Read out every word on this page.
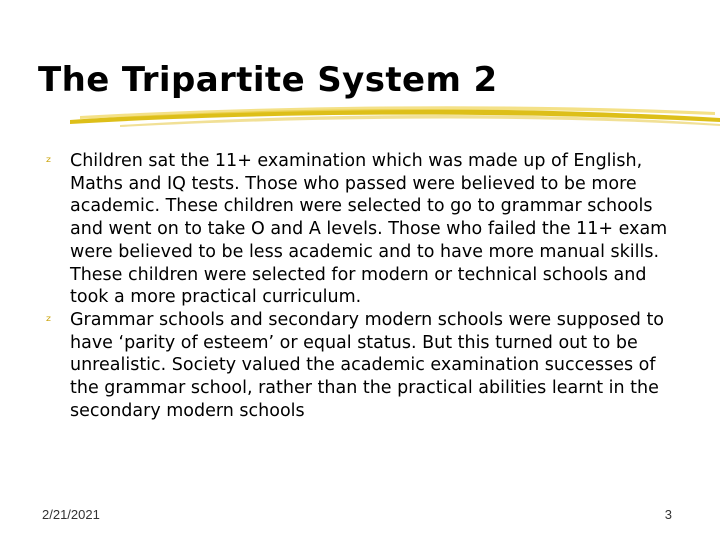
The Tripartite System 2
ᶻ Children sat the 11+ examination which was made up of English, Maths and IQ tests. Those who passed were believed to be more academic. These children were selected to go to grammar schools and went on to take O and A levels. Those who failed the 11+ exam were believed to be less academic and to have more manual skills. These children were selected for modern or technical schools and took a more practical curriculum.

ᶻ Grammar schools and secondary modern schools were supposed to have ‘parity of esteem’ or equal status. But this turned out to be unrealistic. Society valued the academic examination successes of the grammar school, rather than the practical abilities learnt in the secondary modern schools

2/21/2021	3
